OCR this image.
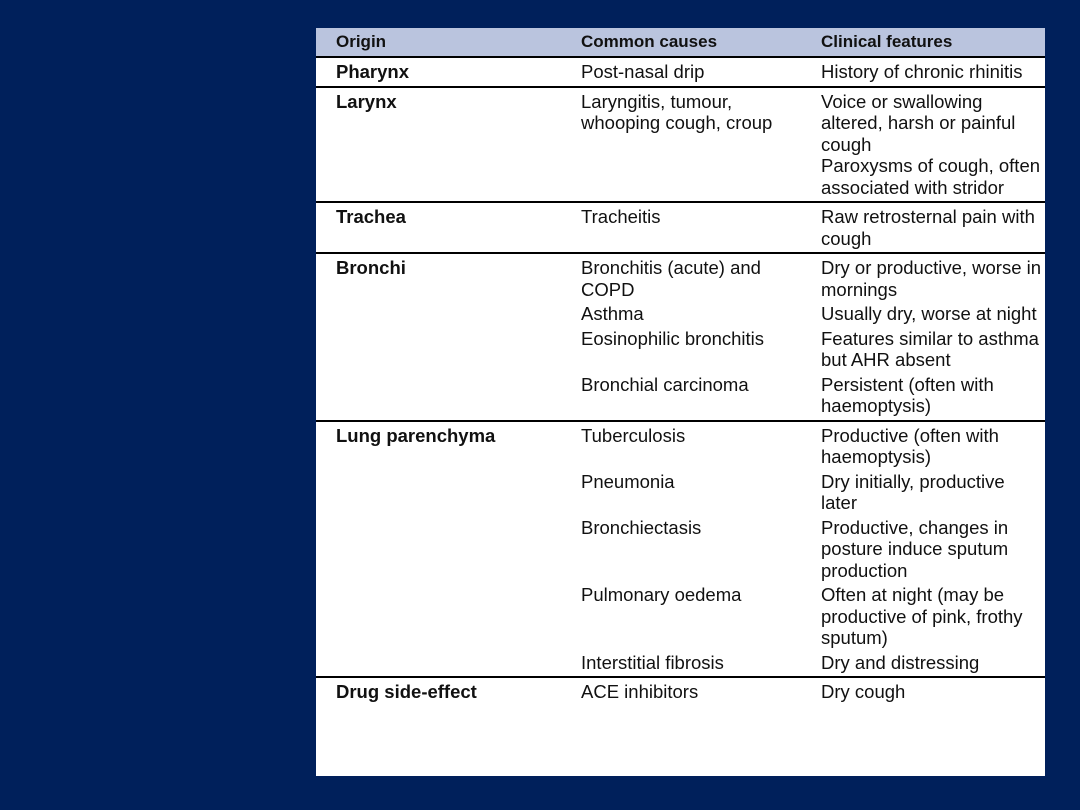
Origin	Common causes	Clinical features
Pharynx	Post-nasal drip	History of chronic rhinitis
Larynx	Laryngitis, tumour, whooping cough, croup	Voice or swallowing altered, harsh or painful cough
Paroxysms of cough, often associated with stridor

Trachea	Tracheitis	Raw retrosternal pain with cough
Bronchi	Bronchitis (acute) and COPD	Dry or productive, worse in mornings
	Asthma	Usually dry, worse at night
	Eosinophilic bronchitis	Features similar to asthma but AHR absent
	Bronchial carcinoma	Persistent (often with haemoptysis)
Lung parenchyma	Tuberculosis	Productive (often with haemoptysis)
	Pneumonia	Dry initially, productive later
	Bronchiectasis	Productive, changes in posture induce sputum production
	Pulmonary oedema	Often at night (may be productive of pink, frothy sputum)
	Interstitial fibrosis	Dry and distressing
Drug side-effect	ACE inhibitors	Dry cough
